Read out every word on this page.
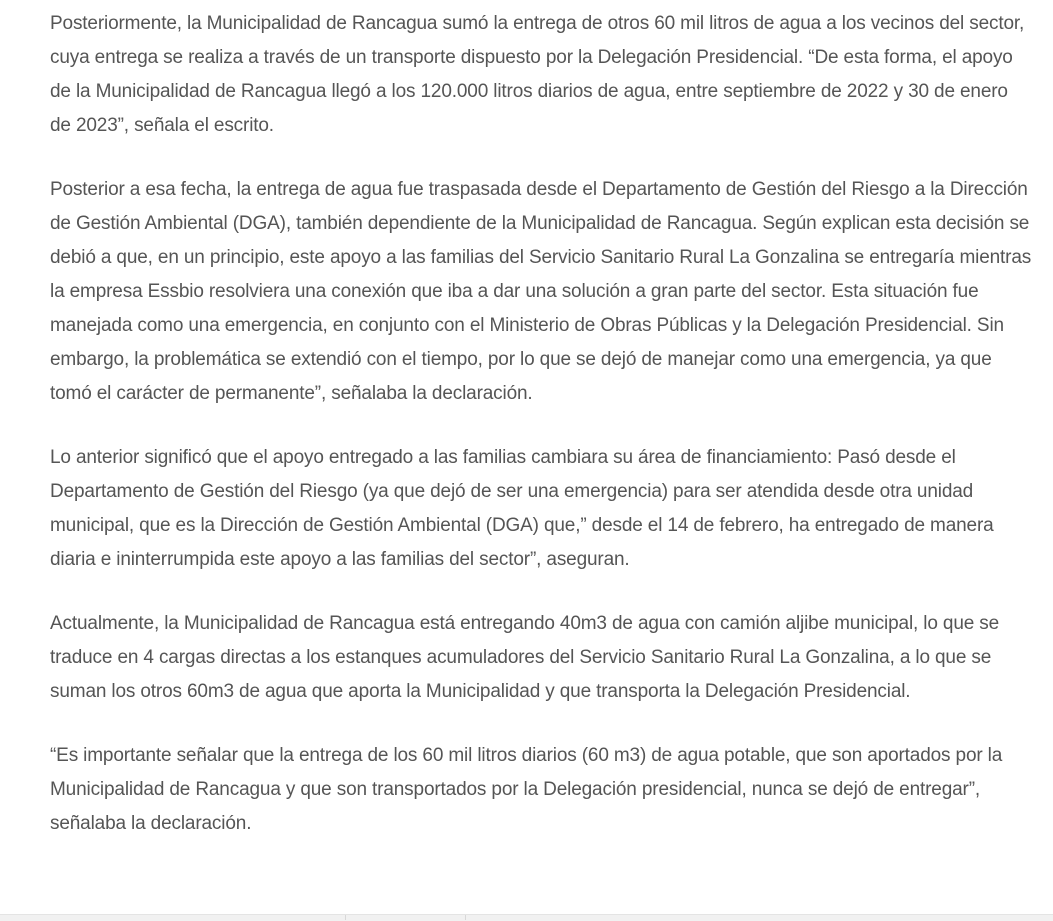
Posteriormente, la Municipalidad de Rancagua sumó la entrega de otros 60 mil litros de agua a los vecinos del sector, cuya entrega se realiza a través de un transporte dispuesto por la Delegación Presidencial. “De esta forma, el apoyo de la Municipalidad de Rancagua llegó a los 120.000 litros diarios de agua, entre septiembre de 2022 y 30 de enero de 2023”, señala el escrito.

Posterior a esa fecha, la entrega de agua fue traspasada desde el Departamento de Gestión del Riesgo a la Dirección de Gestión Ambiental (DGA), también dependiente de la Municipalidad de Rancagua. Según explican esta decisión se debió a que, en un principio, este apoyo a las familias del Servicio Sanitario Rural La Gonzalina se entregaría mientras la empresa Essbio resolviera una conexión que iba a dar una solución a gran parte del sector. Esta situación fue manejada como una emergencia, en conjunto con el Ministerio de Obras Públicas y la Delegación Presidencial. Sin embargo, la problemática se extendió con el tiempo, por lo que se dejó de manejar como una emergencia, ya que tomó el carácter de permanente”, señalaba la declaración.

Lo anterior significó que el apoyo entregado a las familias cambiara su área de financiamiento: Pasó desde el Departamento de Gestión del Riesgo (ya que dejó de ser una emergencia) para ser atendida desde otra unidad municipal, que es la Dirección de Gestión Ambiental (DGA) que,” desde el 14 de febrero, ha entregado de manera diaria e ininterrumpida este apoyo a las familias del sector”, aseguran.

Actualmente, la Municipalidad de Rancagua está entregando 40m3 de agua con camión aljibe municipal, lo que se traduce en 4 cargas directas a los estanques acumuladores del Servicio Sanitario Rural La Gonzalina, a lo que se suman los otros 60m3 de agua que aporta la Municipalidad y que transporta la Delegación Presidencial.

“Es importante señalar que la entrega de los 60 mil litros diarios (60 m3) de agua potable, que son aportados por la Municipalidad de Rancagua y que son transportados por la Delegación presidencial, nunca se dejó de entregar”, señalaba la declaración.
